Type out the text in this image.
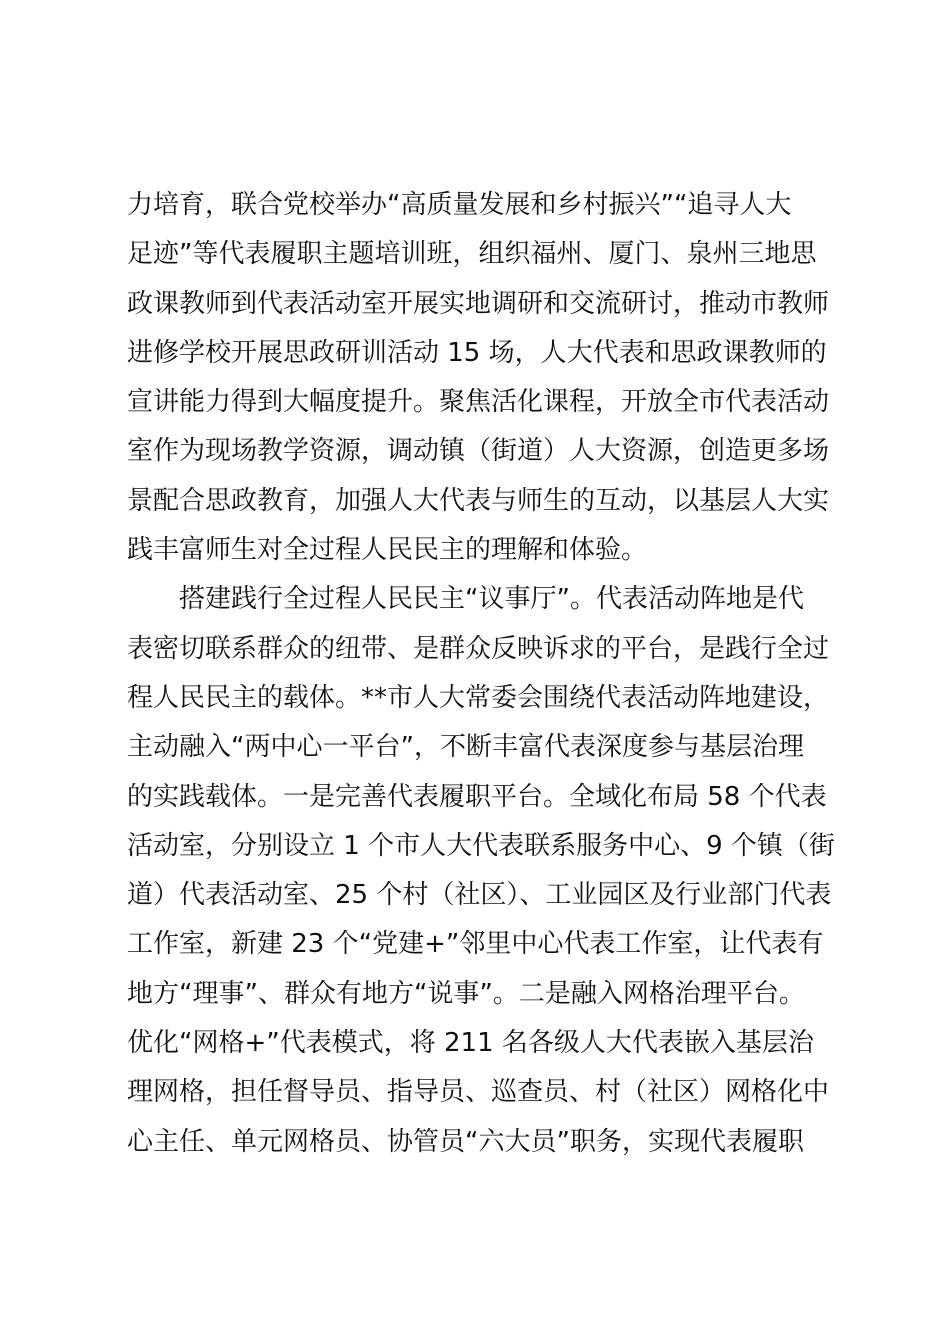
力培育，联合党校举办“高质量发展和乡村振兴”“追寻人大
足迹”等代表履职主题培训班，组织福州、厦门、泉州三地思
政课教师到代表活动室开展实地调研和交流研讨，推动市教师
进修学校开展思政研训活动 15 场，人大代表和思政课教师的
宣讲能力得到大幅度提升。聚焦活化课程，开放全市代表活动
室作为现场教学资源，调动镇（街道）人大资源，创造更多场
景配合思政教育，加强人大代表与师生的互动，以基层人大实
践丰富师生对全过程人民民主的理解和体验。
搭建践行全过程人民民主“议事厅”。代表活动阵地是代
表密切联系群众的纽带、是群众反映诉求的平台，是践行全过
程人民民主的载体。**市人大常委会围绕代表活动阵地建设，
主动融入“两中心一平台”，不断丰富代表深度参与基层治理
的实践载体。一是完善代表履职平台。全域化布局 58 个代表
活动室，分别设立 1 个市人大代表联系服务中心、9 个镇（街
道）代表活动室、25 个村（社区）、工业园区及行业部门代表
工作室，新建 23 个“党建+”邻里中心代表工作室，让代表有
地方“理事”、群众有地方“说事”。二是融入网格治理平台。
优化“网格+”代表模式，将 211 名各级人大代表嵌入基层治
理网格，担任督导员、指导员、巡查员、村（社区）网格化中
心主任、单元网格员、协管员“六大员”职务，实现代表履职
